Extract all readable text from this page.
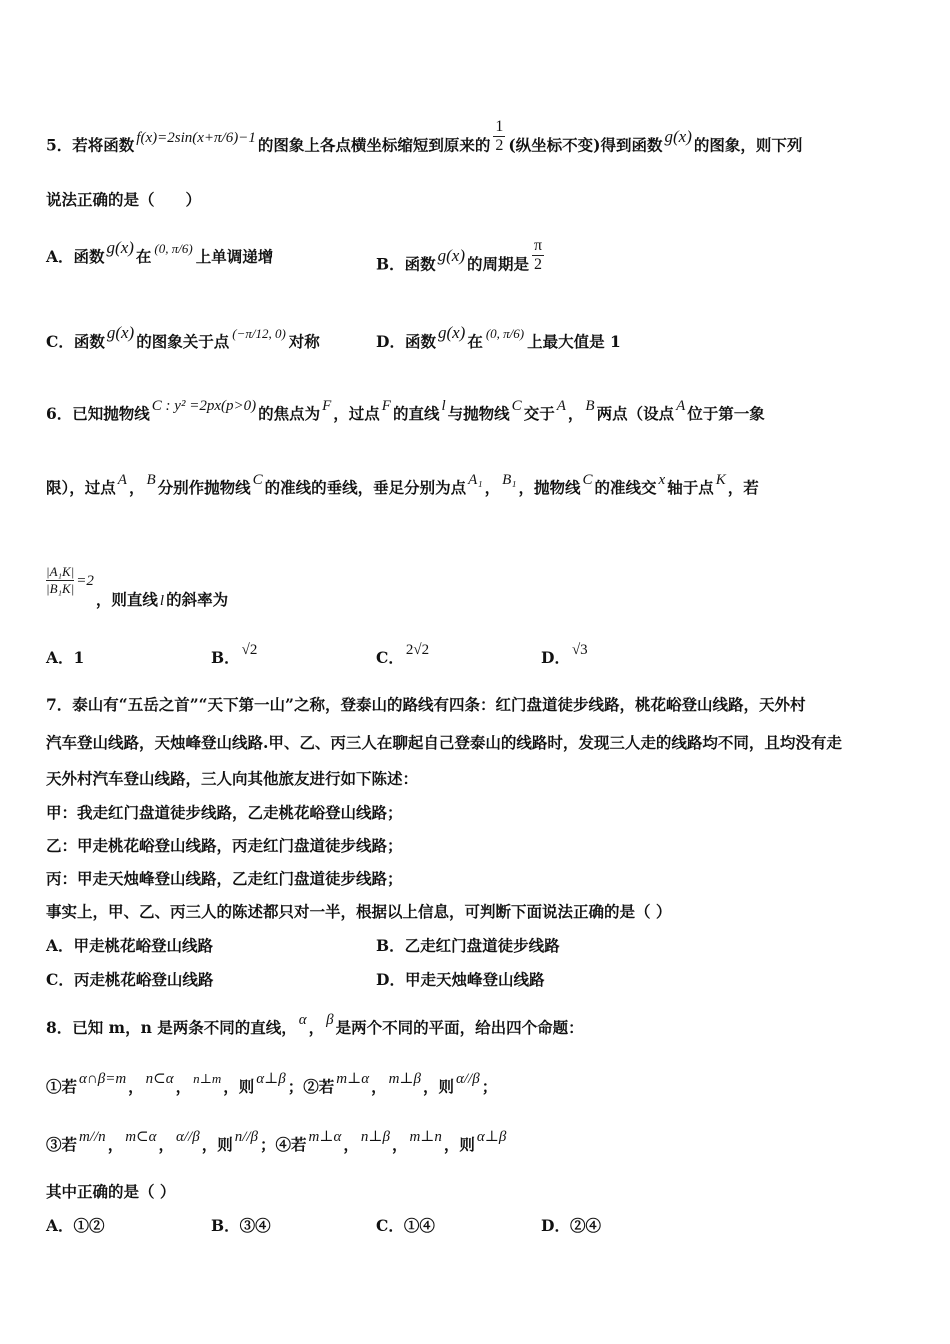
5．若将函数 f(x)=2sin(x+π/6)−1 的图象上各点横坐标缩短到原来的 $\frac{1}{2}$ (纵坐标不变)得到函数 g(x) 的图象，则下列
说法正确的是（　　）
A．函数 g(x) 在 $^{(0, \pi/6)}$ 上单调递增	B．函数 g(x) 的周期是 $\frac{\pi}{2}$
C．函数 g(x) 的图象关于点 $^{(-\pi/12, 0)}$ 对称	D．函数 g(x) 在 $^{(0, \pi/6)}$ 上最大值是 1
6．已知抛物线 C : y² =2px(p>0) 的焦点为 F ，过点 F 的直线 l 与抛物线 C 交于 A ， B 两点（设点 A 位于第一象
限），过点 A ， B 分别作抛物线 C 的准线的垂线，垂足分别为点 A₁ ， B₁ ，抛物线 C 的准线交 x 轴于点 K ，若
$\frac{\text{|A₁K|}}{\text{|B₁K|}} =2$，则直线 l 的斜率为
A．1	B． √2	C． 2√2	D． √3
7．泰山有“五岳之首”“天下第一山”之称，登泰山的路线有四条：红门盘道徒步线路，桃花峪登山线路，天外村
汽车登山线路，天烛峰登山线路.甲、乙、丙三人在聊起自己登泰山的线路时，发现三人走的线路均不同，且均没有走
天外村汽车登山线路，三人向其他旅友进行如下陈述：
甲：我走红门盘道徒步线路，乙走桃花峪登山线路；
乙：甲走桃花峪登山线路，丙走红门盘道徒步线路；
丙：甲走天烛峰登山线路，乙走红门盘道徒步线路；
事实上，甲、乙、丙三人的陈述都只对一半，根据以上信息，可判断下面说法正确的是（ ）
A．甲走桃花峪登山线路	B．乙走红门盘道徒步线路
C．丙走桃花峪登山线路	D．甲走天烛峰登山线路
8．已知 m，n 是两条不同的直线， α ， β 是两个不同的平面，给出四个命题：
①若 α∩β=m ， n⊂α ， $^{n\perp m}$ ，则 α⊥β ；②若 m⊥α ， m⊥β ，则 α//β ；
③若 m//n ， m⊂α ， α//β ，则 n//β ；④若 m⊥α ， n⊥β ， m⊥n ，则 α⊥β
其中正确的是（ ）
A．①②	B．③④	C．①④	D．②④
